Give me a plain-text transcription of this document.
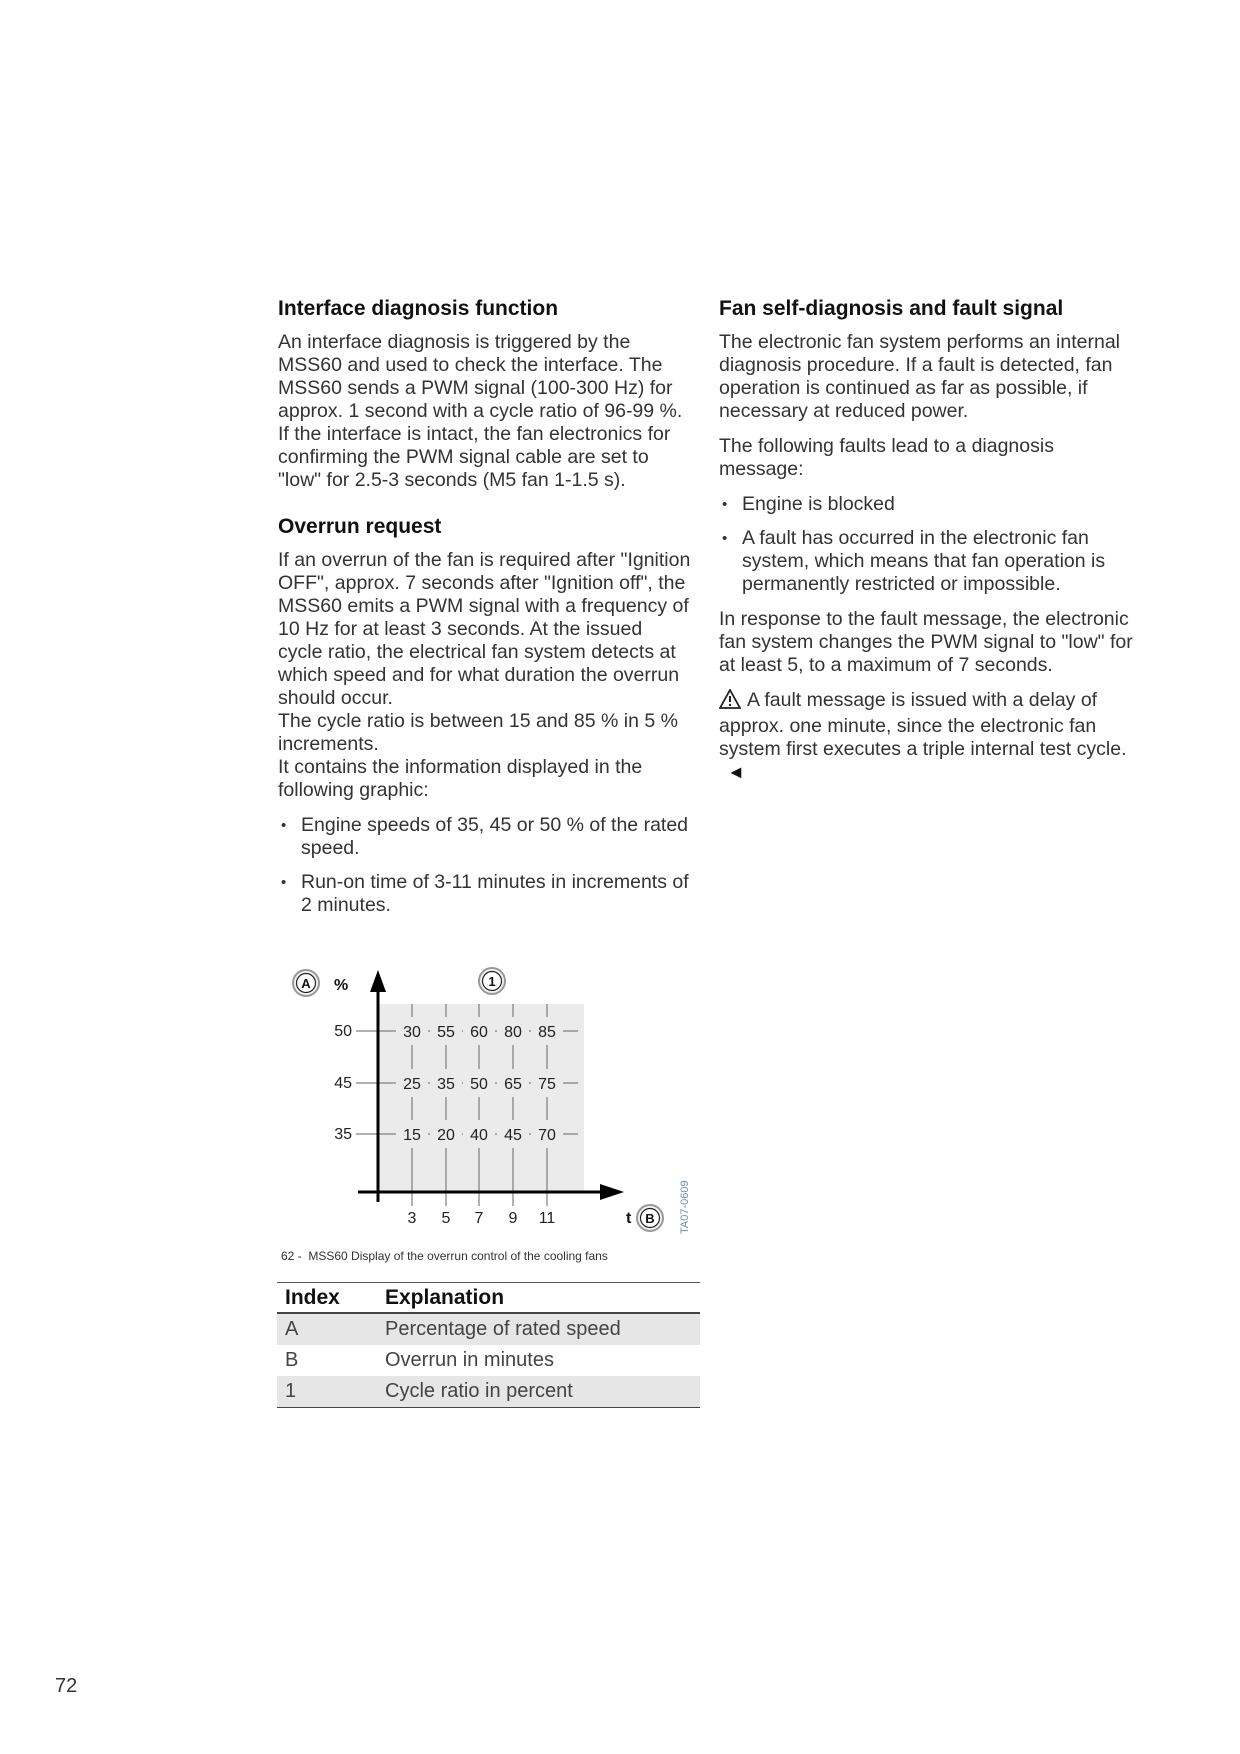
Interface diagnosis function

An interface diagnosis is triggered by the MSS60 and used to check the interface. The MSS60 sends a PWM signal (100-300 Hz) for approx. 1 second with a cycle ratio of 96-99 %. If the interface is intact, the fan electronics for confirming the PWM signal cable are set to "low" for 2.5-3 seconds (M5 fan 1-1.5 s).

Overrun request

If an overrun of the fan is required after "Ignition OFF", approx. 7 seconds after "Ignition off", the MSS60 emits a PWM signal with a frequency of 10 Hz for at least 3 seconds. At the issued cycle ratio, the electrical fan system detects at which speed and for what duration the overrun should occur.

The cycle ratio is between 15 and 85 % in 5 % increments.

It contains the information displayed in the following graphic:

• Engine speeds of 35, 45 or 50 % of the rated speed.
• Run-on time of 3-11 minutes in increments of 2 minutes.
Fan self-diagnosis and fault signal

The electronic fan system performs an internal diagnosis procedure. If a fault is detected, fan operation is continued as far as possible, if necessary at reduced power.

The following faults lead to a diagnosis message:

• Engine is blocked
• A fault has occurred in the electronic fan system, which means that fan operation is permanently restricted or impossible.

In response to the fault message, the electronic fan system changes the PWM signal to "low" for at least 5, to a maximum of 7 seconds.

A fault message is issued with a delay of approx. one minute, since the electronic fan system first executes a triple internal test cycle. ◄

50
45
35
3 5 7 9 11
30 55 60 80 85
25 35 50 65 75
15 20 40 45 70
A %	1
t B TA07-0609
62 - MSS60 Display of the overrun control of the cooling fans
Index	Explanation
A	Percentage of rated speed
B	Overrun in minutes
1	Cycle ratio in percent
72
